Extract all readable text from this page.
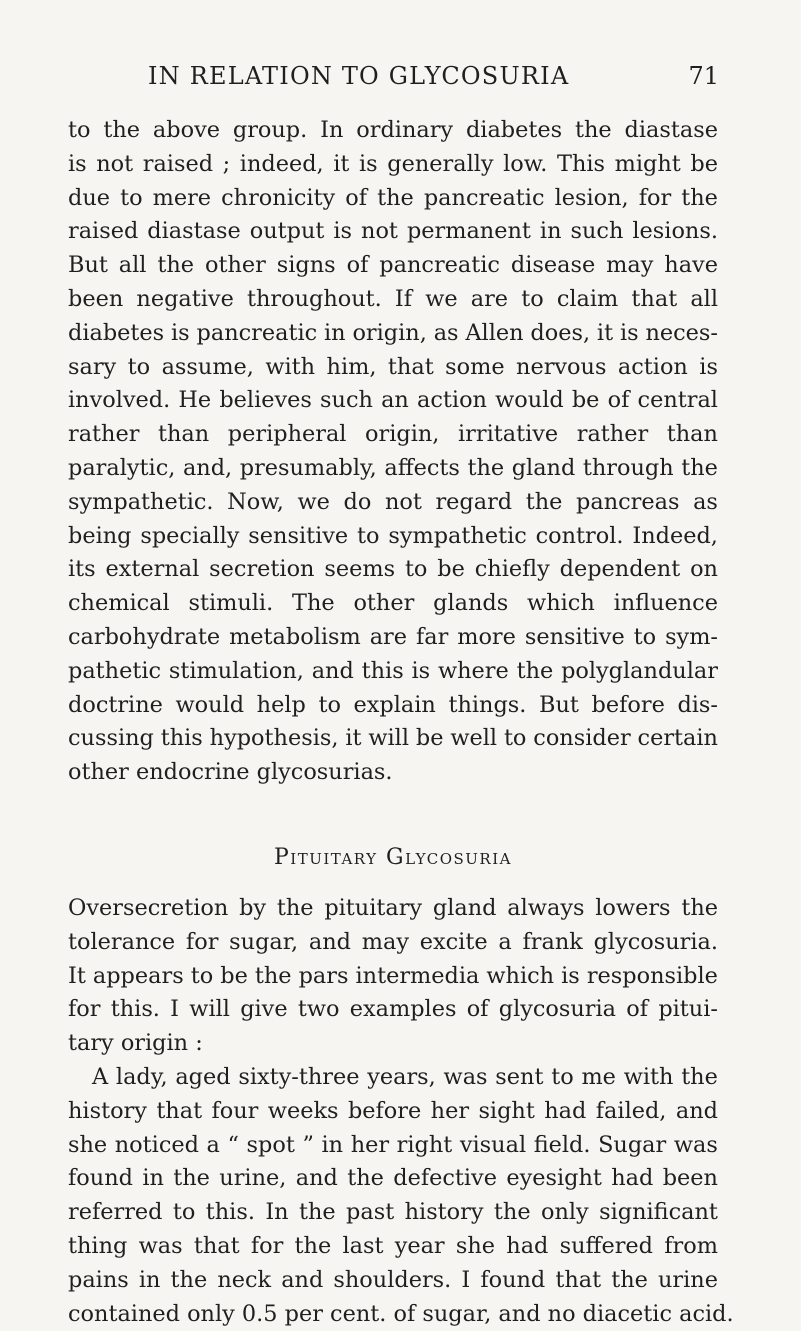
IN RELATION TO GLYCOSURIA	71
to the above group. In ordinary diabetes the diastase
is not raised ; indeed, it is generally low. This might be
due to mere chronicity of the pancreatic lesion, for the
raised diastase output is not permanent in such lesions.
But all the other signs of pancreatic disease may have
been negative throughout. If we are to claim that all
diabetes is pancreatic in origin, as Allen does, it is neces-
sary to assume, with him, that some nervous action is
involved. He believes such an action would be of central
rather than peripheral origin, irritative rather than
paralytic, and, presumably, affects the gland through the
sympathetic. Now, we do not regard the pancreas as
being specially sensitive to sympathetic control. Indeed,
its external secretion seems to be chiefly dependent on
chemical stimuli. The other glands which influence
carbohydrate metabolism are far more sensitive to sym-
pathetic stimulation, and this is where the polyglandular
doctrine would help to explain things. But before dis-
cussing this hypothesis, it will be well to consider certain
other endocrine glycosurias.
Pituitary Glycosuria
Oversecretion by the pituitary gland always lowers the
tolerance for sugar, and may excite a frank glycosuria.
It appears to be the pars intermedia which is responsible
for this. I will give two examples of glycosuria of pitui-
tary origin :
A lady, aged sixty-three years, was sent to me with the
history that four weeks before her sight had failed, and
she noticed a “ spot ” in her right visual field. Sugar was
found in the urine, and the defective eyesight had been
referred to this. In the past history the only significant
thing was that for the last year she had suffered from
pains in the neck and shoulders. I found that the urine
contained only 0.5 per cent. of sugar, and no diacetic acid.
